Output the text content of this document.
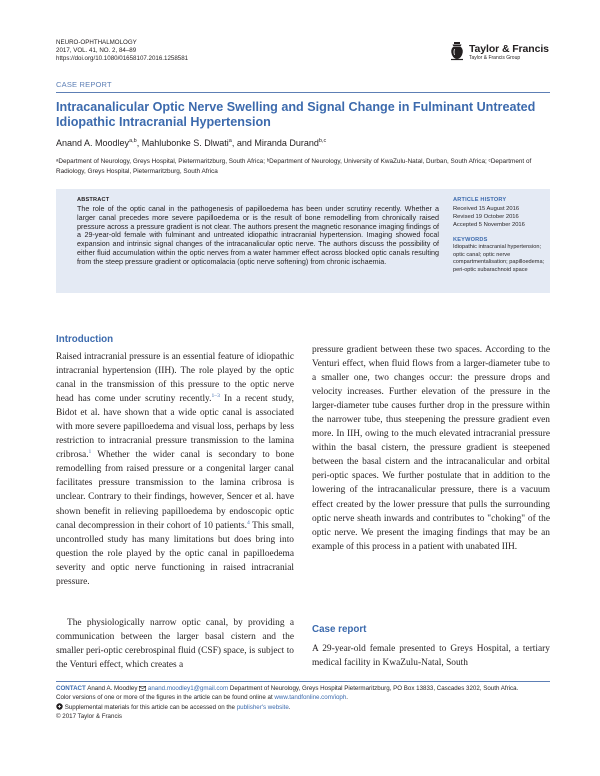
NEURO-OPHTHALMOLOGY
2017, VOL. 41, NO. 2, 84–89
https://doi.org/10.1080/01658107.2016.1258581
Taylor & Francis
Taylor & Francis Group
CASE REPORT
Intracanalicular Optic Nerve Swelling and Signal Change in Fulminant Untreated Idiopathic Intracranial Hypertension
Anand A. Moodley$^{a,b}$, Mahlubonke S. Dlwati$^a$, and Miranda Durand$^{b,c}$
ᵃDepartment of Neurology, Greys Hospital, Pietermaritzburg, South Africa; ᵇDepartment of Neurology, University of KwaZulu-Natal, Durban, South Africa; ᶜDepartment of Radiology, Greys Hospital, Pietermaritzburg, South Africa
ABSTRACT
The role of the optic canal in the pathogenesis of papilloedema has been under scrutiny recently. Whether a larger canal precedes more severe papilloedema or is the result of bone remodelling from chronically raised pressure across a pressure gradient is not clear. The authors present the magnetic resonance imaging findings of a 29-year-old female with fulminant and untreated idiopathic intracranial hypertension. Imaging showed focal expansion and intrinsic signal changes of the intracanalicular optic nerve. The authors discuss the possibility of either fluid accumulation within the optic nerves from a water hammer effect across blocked optic canals resulting from the steep pressure gradient or opticomalacia (optic nerve softening) from chronic ischaemia.
ARTICLE HISTORY
Received 15 August 2016
Revised 19 October 2016
Accepted 5 November 2016
KEYWORDS
Idiopathic intracranial hypertension; optic canal; optic nerve compartmentalisation; papilloedema; peri-optic subarachnoid space
Introduction

Raised intracranial pressure is an essential feature of idiopathic intracranial hypertension (IIH). The role played by the optic canal in the transmission of this pressure to the optic nerve head has come under scrutiny recently.$^{1-3}$ In a recent study, Bidot et al. have shown that a wide optic canal is associated with more severe papilloedema and visual loss, perhaps by less restriction to intracranial pressure transmission to the lamina cribrosa.$^1$ Whether the wider canal is secondary to bone remodelling from raised pressure or a congenital larger canal facilitates pressure transmission to the lamina cribrosa is unclear. Contrary to their findings, however, Sencer et al. have shown benefit in relieving papilloedema by endoscopic optic canal decompression in their cohort of 10 patients.$^4$ This small, uncontrolled study has many limitations but does bring into question the role played by the optic canal in papilloedema severity and optic nerve functioning in raised intracranial pressure.

The physiologically narrow optic canal, by providing a communication between the larger basal cistern and the smaller peri-optic cerebrospinal fluid (CSF) space, is subject to the Venturi effect, which creates a

pressure gradient between these two spaces. According to the Venturi effect, when fluid flows from a larger-diameter tube to a smaller one, two changes occur: the pressure drops and velocity increases. Further elevation of the pressure in the larger-diameter tube causes further drop in the pressure within the narrower tube, thus steepening the pressure gradient even more. In IIH, owing to the much elevated intracranial pressure within the basal cistern, the pressure gradient is steepened between the basal cistern and the intracanalicular and orbital peri-optic spaces. We further postulate that in addition to the lowering of the intracanalicular pressure, there is a vacuum effect created by the lower pressure that pulls the surrounding optic nerve sheath inwards and contributes to "choking" of the optic nerve. We present the imaging findings that may be an example of this process in a patient with unabated IIH.

Case report

A 29-year-old female presented to Greys Hospital, a tertiary medical facility in KwaZulu-Natal, South

CONTACT Anand A. Moodley anand.moodley1@gmail.com Department of Neurology, Greys Hospital Pietermaritzburg, PO Box 13833, Cascades 3202, South Africa.
Color versions of one or more of the figures in the article can be found online at www.tandfonline.com/ioph.
Supplemental materials for this article can be accessed on the publisher's website.
© 2017 Taylor & Francis
